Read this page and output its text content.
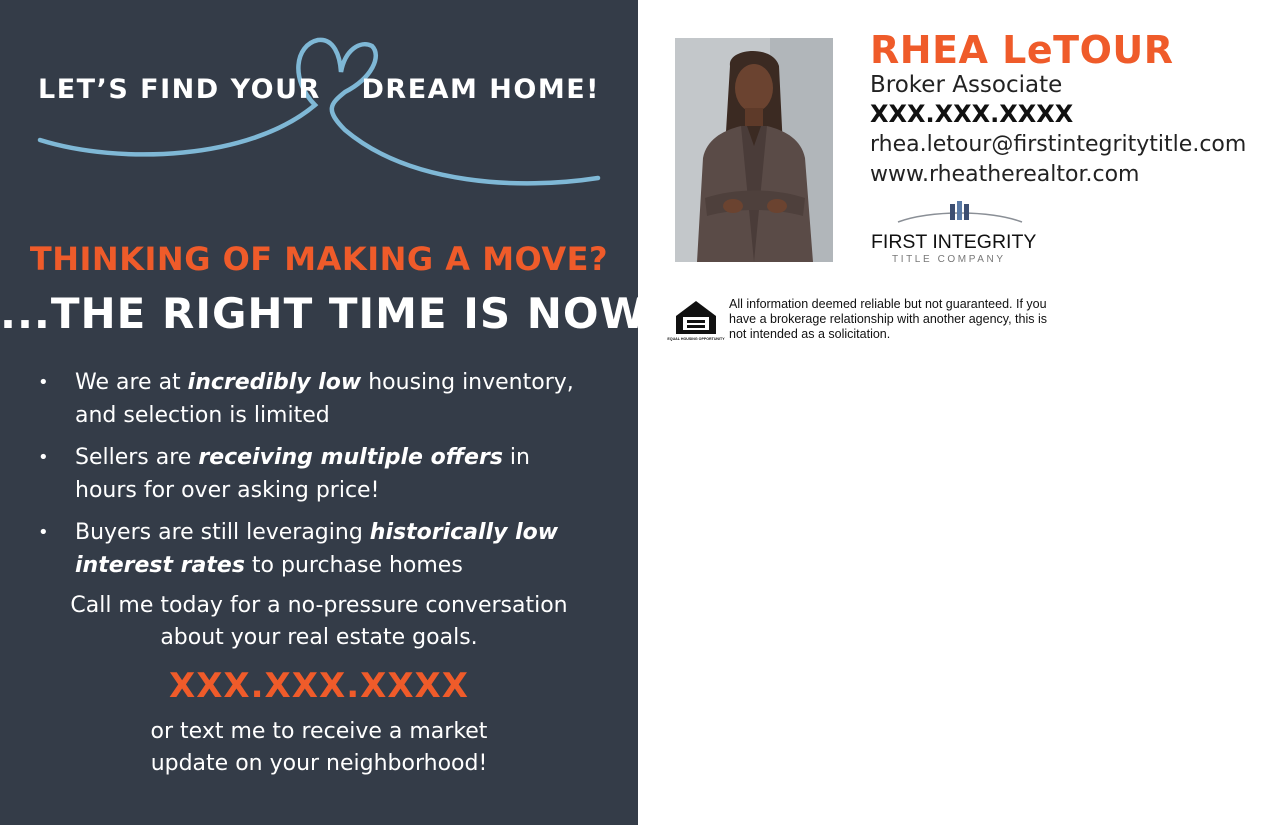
LET’S FIND YOUR DREAM HOME!
THINKING OF MAKING A MOVE?
...THE RIGHT TIME IS NOW!
• We are at incredibly low housing inventory, and selection is limited
• Sellers are receiving multiple offers in hours for over asking price!
• Buyers are still leveraging historically low interest rates to purchase homes
Call me today for a no-pressure conversation
about your real estate goals.
XXX.XXX.XXXX
or text me to receive a market
update on your neighborhood!
RHEA LeTOUR
Broker Associate
XXX.XXX.XXXX
rhea.letour@firstintegritytitle.com
www.rheatherealtor.com
FIRST INTEGRITY
TITLE COMPANY
EQUAL HOUSING OPPORTUNITY
All information deemed reliable but not guaranteed. If you have a brokerage relationship with another agency, this is not intended as a solicitation.
